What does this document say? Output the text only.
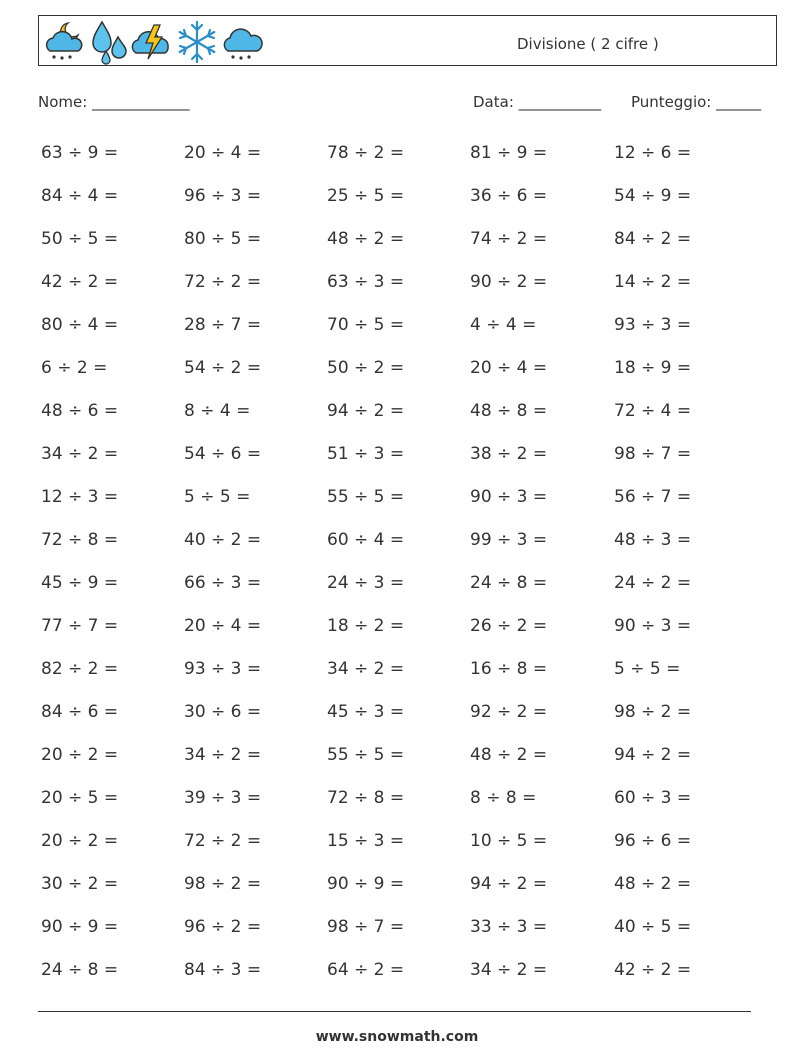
Divisione ( 2 cifre )
Nome: _____________	Data: ___________ Punteggio: ______
63 ÷ 9 =	20 ÷ 4 =	78 ÷ 2 =	81 ÷ 9 =	12 ÷ 6 =
84 ÷ 4 =	96 ÷ 3 =	25 ÷ 5 =	36 ÷ 6 =	54 ÷ 9 =
50 ÷ 5 =	80 ÷ 5 =	48 ÷ 2 =	74 ÷ 2 =	84 ÷ 2 =
42 ÷ 2 =	72 ÷ 2 =	63 ÷ 3 =	90 ÷ 2 =	14 ÷ 2 =
80 ÷ 4 =	28 ÷ 7 =	70 ÷ 5 =	4 ÷ 4 =	93 ÷ 3 =
6 ÷ 2 =	54 ÷ 2 =	50 ÷ 2 =	20 ÷ 4 =	18 ÷ 9 =
48 ÷ 6 =	8 ÷ 4 =	94 ÷ 2 =	48 ÷ 8 =	72 ÷ 4 =
34 ÷ 2 =	54 ÷ 6 =	51 ÷ 3 =	38 ÷ 2 =	98 ÷ 7 =
12 ÷ 3 =	5 ÷ 5 =	55 ÷ 5 =	90 ÷ 3 =	56 ÷ 7 =
72 ÷ 8 =	40 ÷ 2 =	60 ÷ 4 =	99 ÷ 3 =	48 ÷ 3 =
45 ÷ 9 =	66 ÷ 3 =	24 ÷ 3 =	24 ÷ 8 =	24 ÷ 2 =
77 ÷ 7 =	20 ÷ 4 =	18 ÷ 2 =	26 ÷ 2 =	90 ÷ 3 =
82 ÷ 2 =	93 ÷ 3 =	34 ÷ 2 =	16 ÷ 8 =	5 ÷ 5 =
84 ÷ 6 =	30 ÷ 6 =	45 ÷ 3 =	92 ÷ 2 =	98 ÷ 2 =
20 ÷ 2 =	34 ÷ 2 =	55 ÷ 5 =	48 ÷ 2 =	94 ÷ 2 =
20 ÷ 5 =	39 ÷ 3 =	72 ÷ 8 =	8 ÷ 8 =	60 ÷ 3 =
20 ÷ 2 =	72 ÷ 2 =	15 ÷ 3 =	10 ÷ 5 =	96 ÷ 6 =
30 ÷ 2 =	98 ÷ 2 =	90 ÷ 9 =	94 ÷ 2 =	48 ÷ 2 =
90 ÷ 9 =	96 ÷ 2 =	98 ÷ 7 =	33 ÷ 3 =	40 ÷ 5 =
24 ÷ 8 =	84 ÷ 3 =	64 ÷ 2 =	34 ÷ 2 =	42 ÷ 2 =
www.snowmath.com
